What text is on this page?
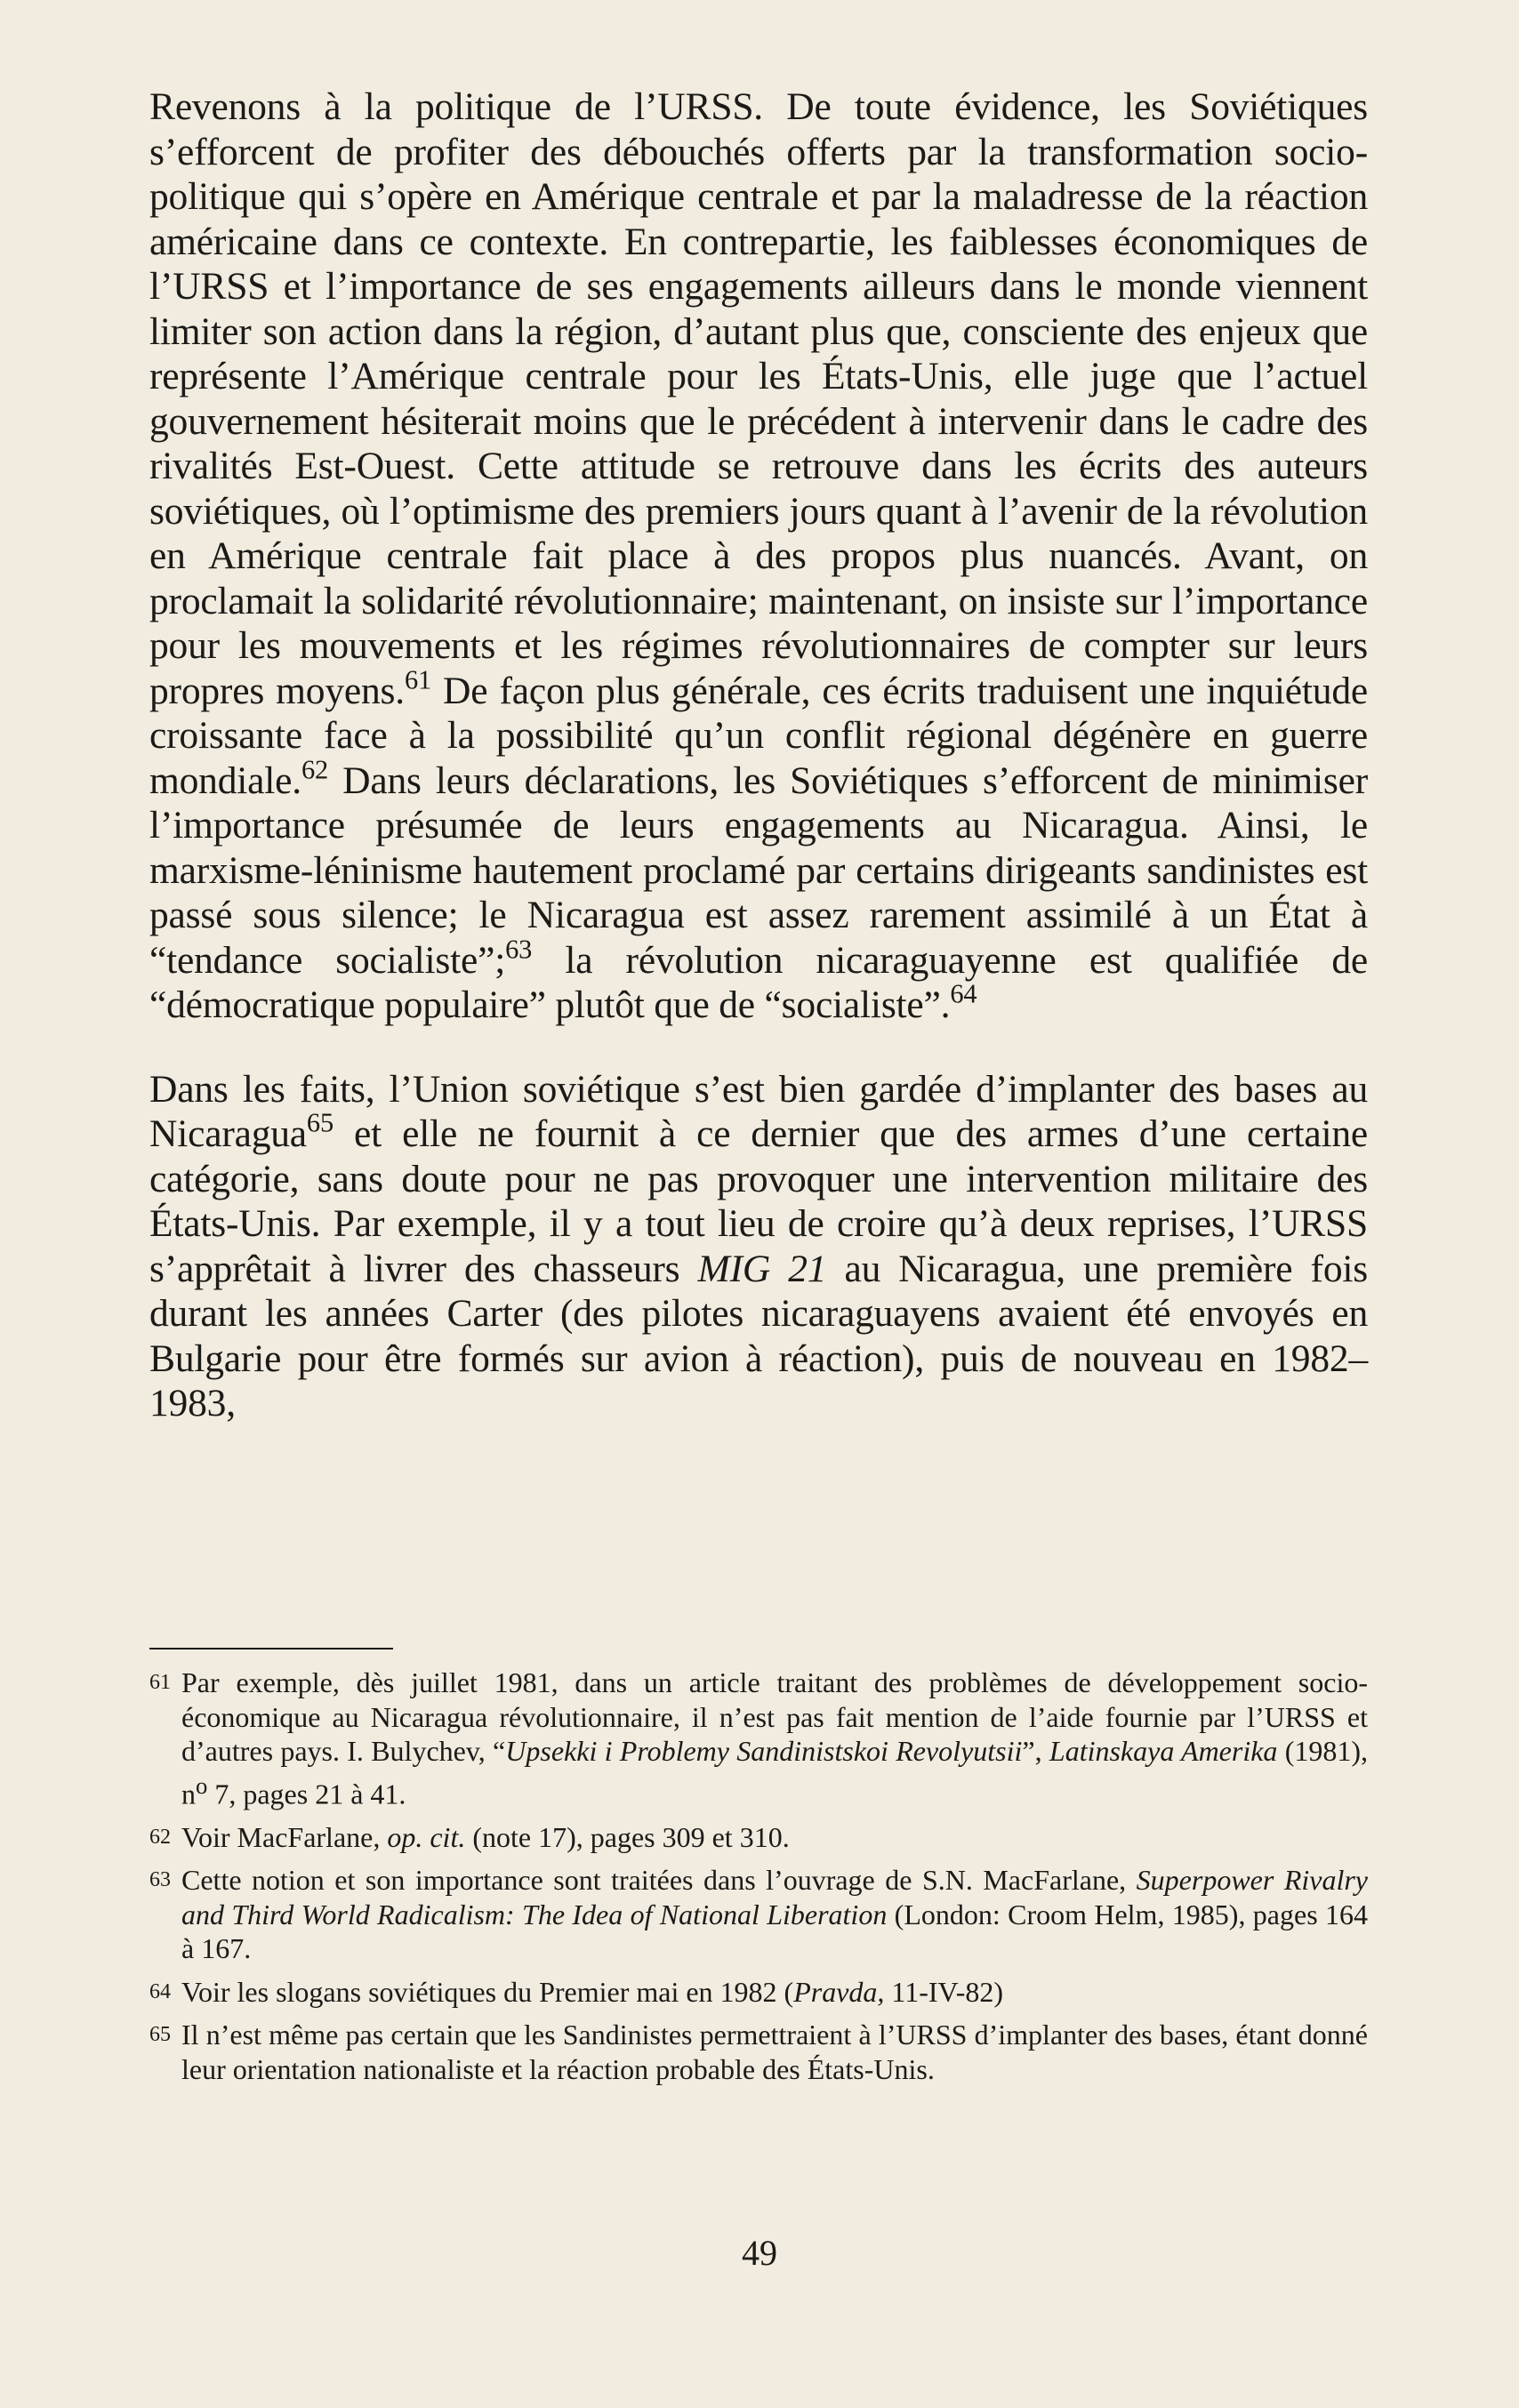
Revenons à la politique de l’URSS. De toute évidence, les Soviétiques s’efforcent de profiter des débouchés offerts par la transformation socio-politique qui s’opère en Amérique centrale et par la maladresse de la réaction américaine dans ce contexte. En contrepartie, les faiblesses économiques de l’URSS et l’importance de ses engagements ailleurs dans le monde viennent limiter son action dans la région, d’autant plus que, consciente des enjeux que représente l’Amérique centrale pour les États-Unis, elle juge que l’actuel gouvernement hésiterait moins que le précédent à intervenir dans le cadre des rivalités Est-Ouest. Cette attitude se retrouve dans les écrits des auteurs soviétiques, où l’optimisme des premiers jours quant à l’avenir de la révolution en Amérique centrale fait place à des propos plus nuancés. Avant, on proclamait la solidarité révolutionnaire; maintenant, on insiste sur l’importance pour les mouvements et les régimes révolutionnaires de compter sur leurs propres moyens.$^{61}$ De façon plus générale, ces écrits traduisent une inquiétude croissante face à la possibilité qu’un conflit régional dégénère en guerre mondiale.$^{62}$ Dans leurs déclarations, les Soviétiques s’efforcent de minimiser l’importance présumée de leurs engagements au Nicaragua. Ainsi, le marxisme-léninisme hautement proclamé par certains dirigeants sandinistes est passé sous silence; le Nicaragua est assez rarement assimilé à un État à “tendance socialiste”;$^{63}$ la révolution nicaraguayenne est qualifiée de “démocratique populaire” plutôt que de “socialiste”.$^{64}$

Dans les faits, l’Union soviétique s’est bien gardée d’implanter des bases au Nicaragua$^{65}$ et elle ne fournit à ce dernier que des armes d’une certaine catégorie, sans doute pour ne pas provoquer une intervention militaire des États-Unis. Par exemple, il y a tout lieu de croire qu’à deux reprises, l’URSS s’apprêtait à livrer des chasseurs MIG 21 au Nicaragua, une première fois durant les années Carter (des pilotes nicaraguayens avaient été envoyés en Bulgarie pour être formés sur avion à réaction), puis de nouveau en 1982–1983,

61 Par exemple, dès juillet 1981, dans un article traitant des problèmes de développement socio-économique au Nicaragua révolutionnaire, il n’est pas fait mention de l’aide fournie par l’URSS et d’autres pays. I. Bulychev, “Upsekki i Problemy Sandinistskoi Revolyutsii”, Latinskaya Amerika (1981), $n^o$ 7, pages 21 à 41.
62 Voir MacFarlane, op. cit. (note 17), pages 309 et 310.
63 Cette notion et son importance sont traitées dans l’ouvrage de S.N. MacFarlane, Superpower Rivalry and Third World Radicalism: The Idea of National Liberation (London: Croom Helm, 1985), pages 164 à 167.
64 Voir les slogans soviétiques du Premier mai en 1982 (Pravda, 11-IV-82)
65 Il n’est même pas certain que les Sandinistes permettraient à l’URSS d’implanter des bases, étant donné leur orientation nationaliste et la réaction probable des États-Unis.
49
